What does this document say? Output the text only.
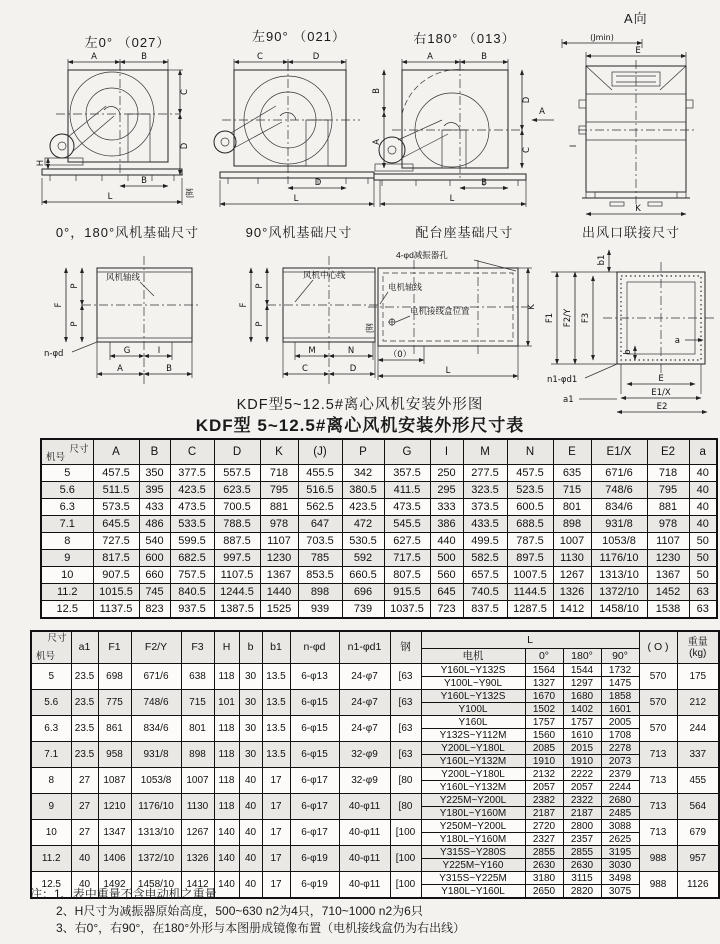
左0° （027）	左90° （021）	右180° （013）
A向
A	B
C
D
H
B
L	[钢
C	D
D
L
A	B
B
A
D
C
B
L
A
(Jmin)
E
I
K
0°，180°风机基础尺寸	90°风机基础尺寸	配台座基础尺寸	出风口联接尺寸
风机轴线
F
P
P
n-φd	G	I
A	B
风机中心线
F
P
P
M	N
C	D
4-φd减振器孔
电机轴线
电机接线盒位置
[钢
K
（0）
L
b1
F1 F2/Y F3
b
a
n1-φd1
a1
E
E1/X
E2
KDF型5~12.5#离心风机安装外形图
KDF型 5~12.5#离心风机安装外形尺寸表
尺寸
机号	A	B	C	D	K	(J)	P	G	I	M	N	E	E1/X	E2	a
5	457.5	350	377.5	557.5	718	455.5	342	357.5	250	277.5	457.5	635	671/6	718	40
5.6	511.5	395	423.5	623.5	795	516.5	380.5	411.5	295	323.5	523.5	715	748/6	795	40
6.3	573.5	433	473.5	700.5	881	562.5	423.5	473.5	333	373.5	600.5	801	834/6	881	40
7.1	645.5	486	533.5	788.5	978	647	472	545.5	386	433.5	688.5	898	931/8	978	40
8	727.5	540	599.5	887.5	1107	703.5	530.5	627.5	440	499.5	787.5	1007	1053/8	1107	50
9	817.5	600	682.5	997.5	1230	785	592	717.5	500	582.5	897.5	1130	1176/10	1230	50
10	907.5	660	757.5	1107.5	1367	853.5	660.5	807.5	560	657.5	1007.5	1267	1313/10	1367	50
11.2	1015.5	745	840.5	1244.5	1440	898	696	915.5	645	740.5	1144.5	1326	1372/10	1452	63
12.5	1137.5	823	937.5	1387.5	1525	939	739	1037.5	723	837.5	1287.5	1412	1458/10	1538	63
尺寸
机号
	a1	F1	F2/Y	F3	H	b	b1	n-φd	n1-φd1	钢	L	( O )	重量
(kg)

											电机	0°	180°	90°		
5	23.5	698	671/6	638	118	30	13.5	6-φ13	24-φ7	[63	Y160L~Y132S	1564	1544	1732	570	175
											Y100L~Y90L	1327	1297	1475		
5.6	23.5	775	748/6	715	101	30	13.5	6-φ15	24-φ7	[63	Y160L~Y132S	1670	1680	1858	570	212
											Y100L	1502	1402	1601		
6.3	23.5	861	834/6	801	118	30	13.5	6-φ15	24-φ7	[63	Y160L	1757	1757	2005	570	244
											Y132S~Y112M	1560	1610	1708		
7.1	23.5	958	931/8	898	118	30	13.5	6-φ15	32-φ9	[63	Y200L~Y180L	2085	2015	2278	713	337
											Y160L~Y132M	1910	1910	2073		
8	27	1087	1053/8	1007	118	40	17	6-φ17	32-φ9	[80	Y200L~Y180L	2132	2222	2379	713	455
											Y160L~Y132M	2057	2057	2244		
9	27	1210	1176/10	1130	118	40	17	6-φ17	40-φ11	[80	Y225M~Y200L	2382	2322	2680	713	564
											Y180L~Y160M	2187	2187	2485		
10	27	1347	1313/10	1267	140	40	17	6-φ17	40-φ11	[100	Y250M~Y200L	2720	2800	3088	713	679
											Y180L~Y160M	2327	2357	2625		
11.2	40	1406	1372/10	1326	140	40	17	6-φ19	40-φ11	[100	Y315S~Y280S	2855	2855	3195	988	957
											Y225M~Y160	2630	2630	3030		
12.5	40	1492	1458/10	1412	140	40	17	6-φ19	40-φ11	[100	Y315S~Y225M	3180	3115	3498	988	1126
											Y180L~Y160L	2650	2820	3075		
注：1、表中重量不含电动机之重量
2、H尺寸为减振器原始高度，500~630 n2为4只，710~1000 n2为6只
3、右0°，右90°，在180°外形与本图册成镜像布置（电机接线盒仍为右出线）
